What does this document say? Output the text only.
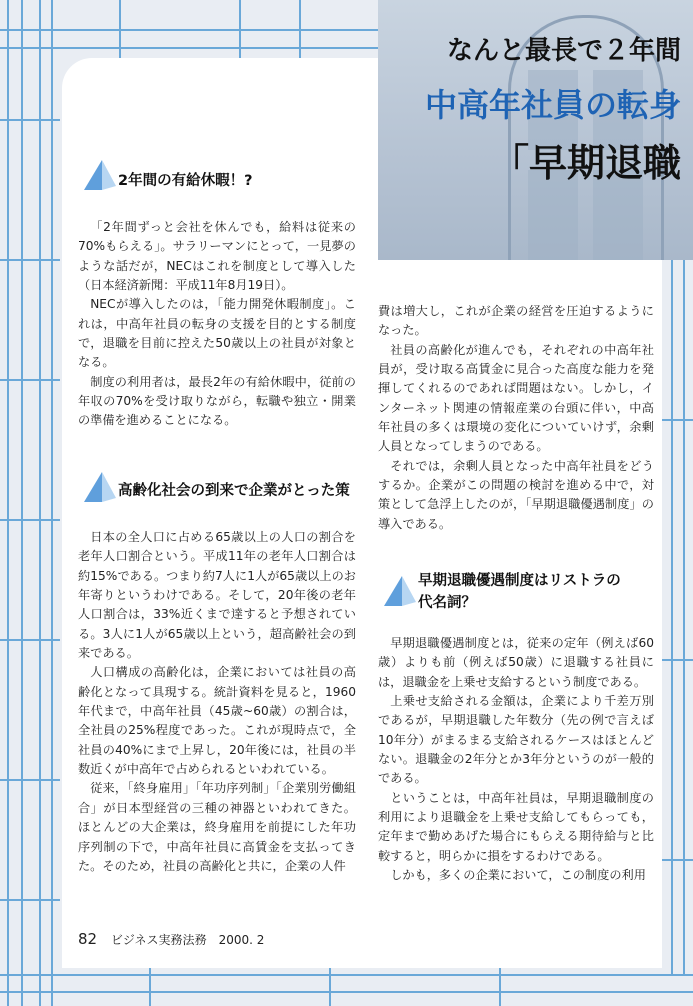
なんと最長で２年間
中高年社員の転身
「早期退職
2年間の有給休暇！?

「2年間ずっと会社を休んでも，給料は従来の70%もらえる」。サラリーマンにとって，一見夢のような話だが，NECはこれを制度として導入した（日本経済新聞：平成11年8月19日）。

NECが導入したのは，「能力開発休暇制度」。これは，中高年社員の転身の支援を目的とする制度で，退職を目前に控えた50歳以上の社員が対象となる。

制度の利用者は，最長2年の有給休暇中，従前の年収の70%を受け取りながら，転職や独立・開業の準備を進めることになる。

高齢化社会の到来で企業がとった策

日本の全人口に占める65歳以上の人口の割合を老年人口割合という。平成11年の老年人口割合は約15%である。つまり約7人に1人が65歳以上のお年寄りというわけである。そして，20年後の老年人口割合は，33%近くまで達すると予想されている。3人に1人が65歳以上という，超高齢社会の到来である。

人口構成の高齢化は，企業においては社員の高齢化となって具現する。統計資料を見ると，1960年代まで，中高年社員（45歳~60歳）の割合は，全社員の25%程度であった。これが現時点で，全社員の40%にまで上昇し，20年後には，社員の半数近くが中高年で占められるといわれている。

従来，「終身雇用」「年功序列制」「企業別労働組合」が日本型経営の三種の神器といわれてきた。ほとんどの大企業は，終身雇用を前提にした年功序列制の下で，中高年社員に高賃金を支払ってきた。そのため，社員の高齢化と共に，企業の人件

費は増大し，これが企業の経営を圧迫するようになった。

社員の高齢化が進んでも，それぞれの中高年社員が，受け取る高賃金に見合った高度な能力を発揮してくれるのであれば問題はない。しかし，インターネット関連の情報産業の台頭に伴い，中高年社員の多くは環境の変化についていけず，余剰人員となってしまうのである。

それでは，余剰人員となった中高年社員をどうするか。企業がこの問題の検討を進める中で，対策として急浮上したのが，「早期退職優遇制度」の導入である。

早期退職優遇制度はリストラの
代名詞？

早期退職優遇制度とは，従来の定年（例えば60歳）よりも前（例えば50歳）に退職する社員には，退職金を上乗せ支給するという制度である。

上乗せ支給される金額は，企業により千差万別であるが，早期退職した年数分（先の例で言えば10年分）がまるまる支給されるケースはほとんどない。退職金の2年分とか3年分というのが一般的である。

ということは，中高年社員は，早期退職制度の利用により退職金を上乗せ支給してもらっても，定年まで勤めあげた場合にもらえる期待給与と比較すると，明らかに損をするわけである。

しかも，多くの企業において，この制度の利用

82 ビジネス実務法務　2000. 2
